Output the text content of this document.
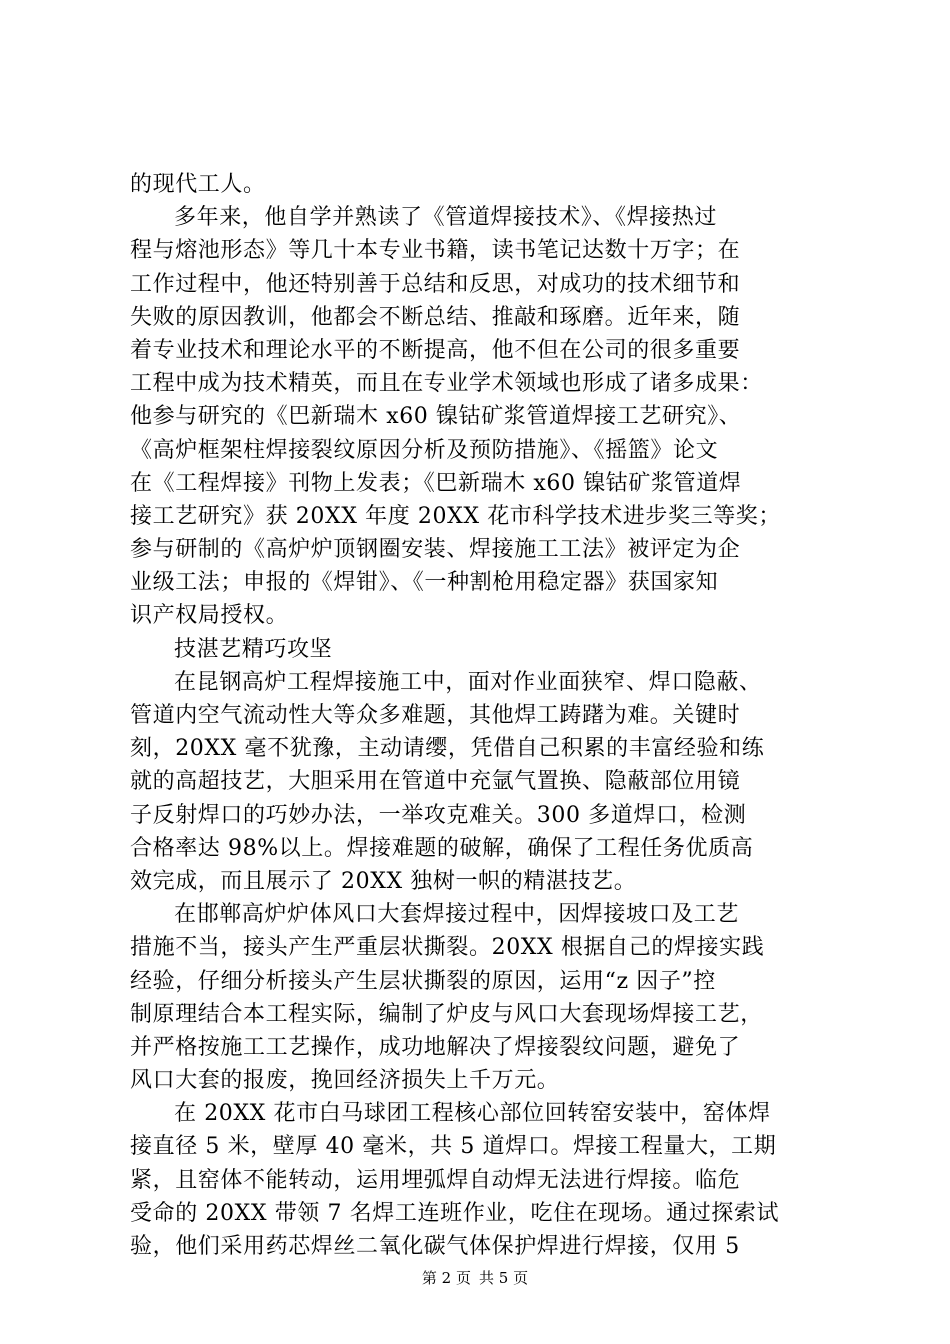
的现代工人。
多年来，他自学并熟读了《管道焊接技术》、《焊接热过
程与熔池形态》等几十本专业书籍，读书笔记达数十万字；在
工作过程中，他还特别善于总结和反思，对成功的技术细节和
失败的原因教训，他都会不断总结、推敲和琢磨。近年来，随
着专业技术和理论水平的不断提高，他不但在公司的很多重要
工程中成为技术精英，而且在专业学术领域也形成了诸多成果：
他参与研究的《巴新瑞木 x60 镍钴矿浆管道焊接工艺研究》、
《高炉框架柱焊接裂纹原因分析及预防措施》、《摇篮》论文
在《工程焊接》刊物上发表；《巴新瑞木 x60 镍钴矿浆管道焊
接工艺研究》获 20XX 年度 20XX 花市科学技术进步奖三等奖；
参与研制的《高炉炉顶钢圈安装、焊接施工工法》被评定为企
业级工法；申报的《焊钳》、《一种割枪用稳定器》获国家知
识产权局授权。
技湛艺精巧攻坚
在昆钢高炉工程焊接施工中，面对作业面狭窄、焊口隐蔽、
管道内空气流动性大等众多难题，其他焊工踌躇为难。关键时
刻，20XX 毫不犹豫，主动请缨，凭借自己积累的丰富经验和练
就的高超技艺，大胆采用在管道中充氩气置换、隐蔽部位用镜
子反射焊口的巧妙办法，一举攻克难关。300 多道焊口，检测
合格率达 98%以上。焊接难题的破解，确保了工程任务优质高
效完成，而且展示了 20XX 独树一帜的精湛技艺。
在邯郸高炉炉体风口大套焊接过程中，因焊接坡口及工艺
措施不当，接头产生严重层状撕裂。20XX 根据自己的焊接实践
经验，仔细分析接头产生层状撕裂的原因，运用“z 因子”控
制原理结合本工程实际，编制了炉皮与风口大套现场焊接工艺，
并严格按施工工艺操作，成功地解决了焊接裂纹问题，避免了
风口大套的报废，挽回经济损失上千万元。
在 20XX 花市白马球团工程核心部位回转窑安装中，窑体焊
接直径 5 米，壁厚 40 毫米，共 5 道焊口。焊接工程量大，工期
紧，且窑体不能转动，运用埋弧焊自动焊无法进行焊接。临危
受命的 20XX 带领 7 名焊工连班作业，吃住在现场。通过探索试
验，他们采用药芯焊丝二氧化碳气体保护焊进行焊接，仅用 5
第 2 页 共 5 页
